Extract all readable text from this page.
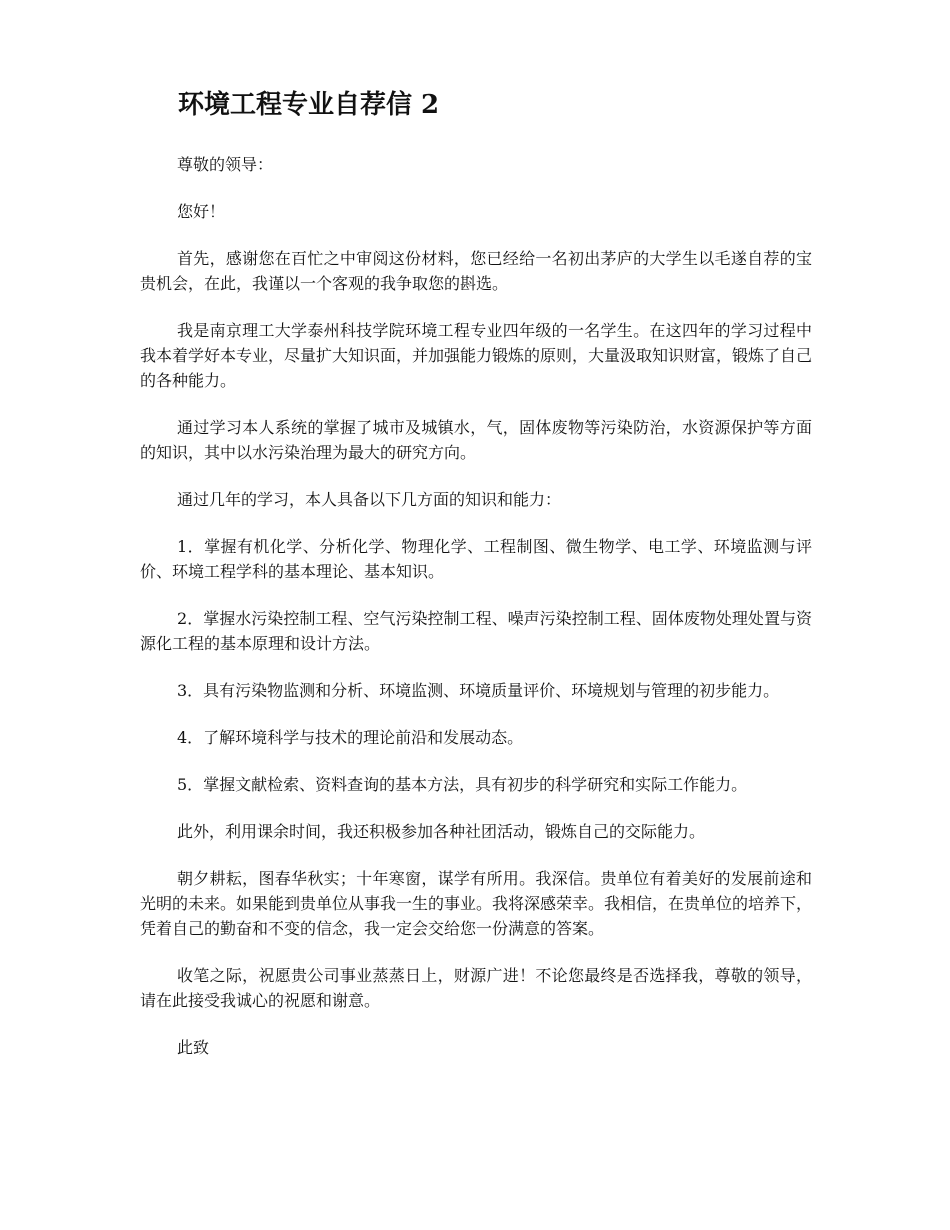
环境工程专业自荐信 2

尊敬的领导：

您好！

首先，感谢您在百忙之中审阅这份材料，您已经给一名初出茅庐的大学生以毛遂自荐的宝贵机会，在此，我谨以一个客观的我争取您的斟选。

我是南京理工大学泰州科技学院环境工程专业四年级的一名学生。在这四年的学习过程中我本着学好本专业，尽量扩大知识面，并加强能力锻炼的原则，大量汲取知识财富，锻炼了自己的各种能力。

通过学习本人系统的掌握了城市及城镇水，气，固体废物等污染防治，水资源保护等方面的知识，其中以水污染治理为最大的研究方向。

通过几年的学习，本人具备以下几方面的知识和能力：

1．掌握有机化学、分析化学、物理化学、工程制图、微生物学、电工学、环境监测与评价、环境工程学科的基本理论、基本知识。

2．掌握水污染控制工程、空气污染控制工程、噪声污染控制工程、固体废物处理处置与资源化工程的基本原理和设计方法。

3．具有污染物监测和分析、环境监测、环境质量评价、环境规划与管理的初步能力。

4．了解环境科学与技术的理论前沿和发展动态。

5．掌握文献检索、资料查询的基本方法，具有初步的科学研究和实际工作能力。

此外，利用课余时间，我还积极参加各种社团活动，锻炼自己的交际能力。

朝夕耕耘，图春华秋实；十年寒窗，谋学有所用。我深信。贵单位有着美好的发展前途和光明的未来。如果能到贵单位从事我一生的事业。我将深感荣幸。我相信，在贵单位的培养下，凭着自己的勤奋和不变的信念，我一定会交给您一份满意的答案。

收笔之际，祝愿贵公司事业蒸蒸日上，财源广进！不论您最终是否选择我，尊敬的领导，请在此接受我诚心的祝愿和谢意。

此致
